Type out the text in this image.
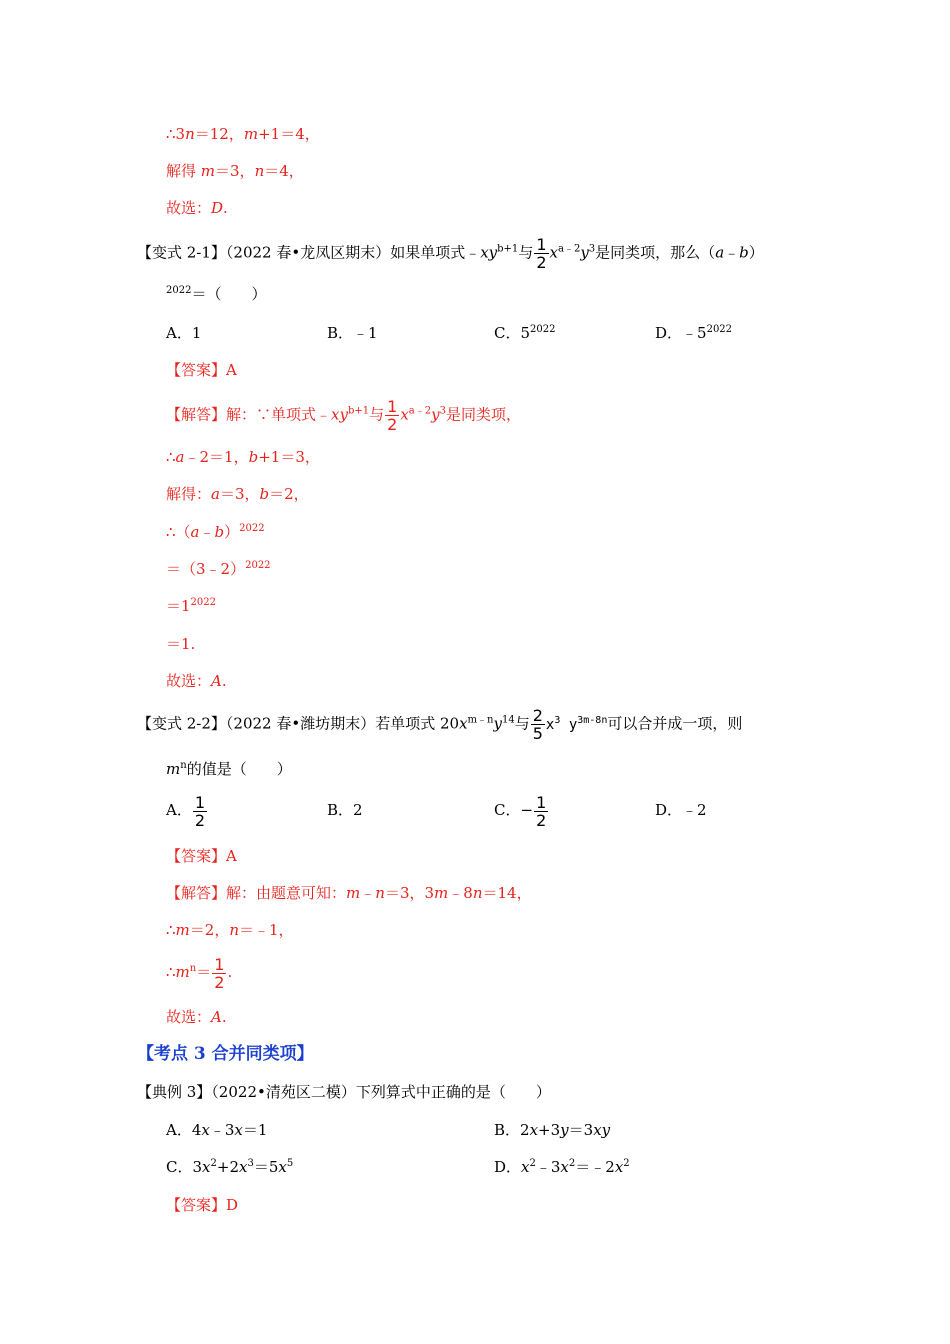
∴3n＝12，m+1＝4，
解得 m＝3，n＝4，
故选：D.
【变式 2-1】（2022 春•龙凤区期末）如果单项式$﹣xy^{b+1}$与 $\frac{1}{2} x^{a﹣2}y^3$是同类项，那么（a﹣b）
$^{2022}$＝（　　）
A．1	B．﹣1	C．$5^{2022}$	D．$﹣5^{2022}$
【答案】A
【解答】解：∵单项式$﹣xy^{b+1}$与 $\frac{1}{2} x^{a﹣2}y^3$是同类项，
∴a﹣2＝1，b+1＝3，
解得：a＝3，b＝2，
∴（a﹣b）$^{2022}$
＝（3﹣2）$^{2022}$
$=1^{2022}$
＝1.
故选：A.
【变式 2-2】（2022 春•潍坊期末）若单项式 $20x^{m﹣n}y^{14}$与 $\frac{2}{5} x^3$ $y^{3m-8n}$可以合并成一项，则
$m^n$的值是（　　）
A． $\frac{1}{2}$	B．2	C．− $\frac{1}{2}$	D．﹣2
【答案】A
【解答】解：由题意可知：m﹣n＝3，3m﹣8n＝14，
∴m＝2，n＝﹣1，
$\therefore m^n= \frac{1}{2}$ .
故选：A.
【考点 3 合并同类项】
【典例 3】（2022•清苑区二模）下列算式中正确的是（　　）
A．4x﹣3x＝1	B．2x+3y＝3xy
C．$3x^2+2x^3=5x^5$	D．$x^2﹣3x^2=﹣2x^2$
【答案】D
